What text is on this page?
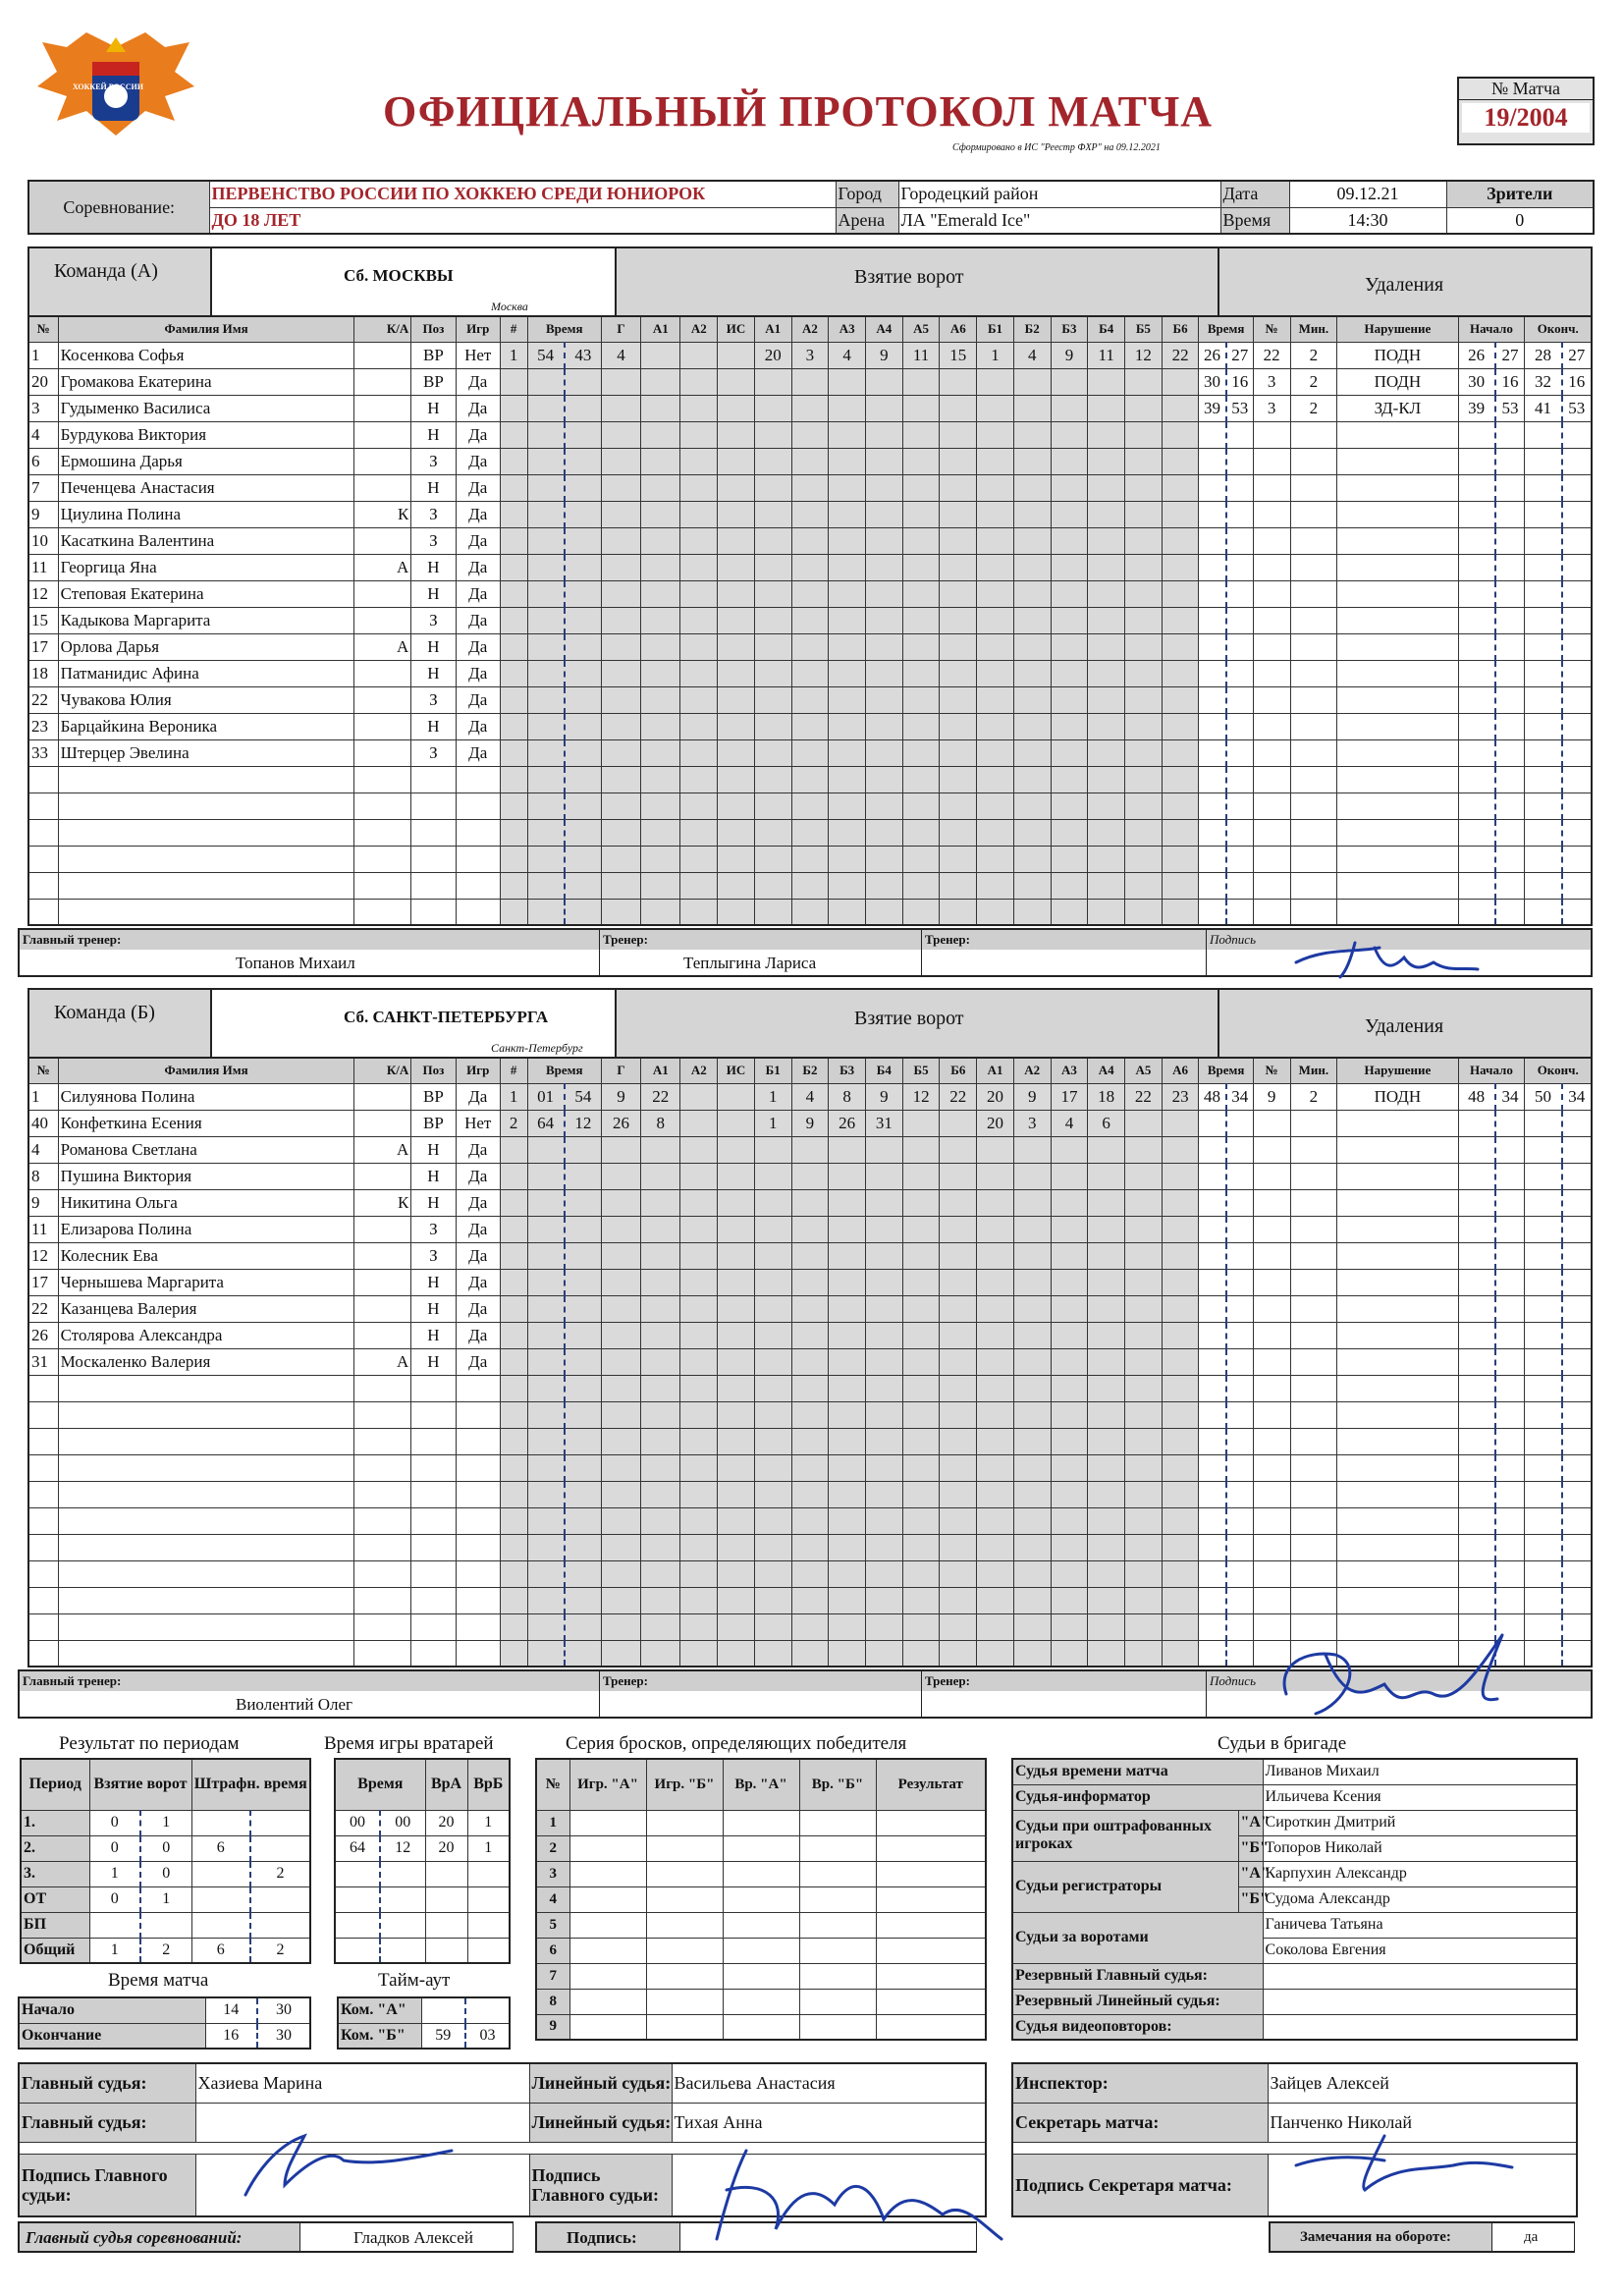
ХОККЕЙ РОССИИ
ОФИЦИАЛЬНЫЙ ПРОТОКОЛ МАТЧА
Сформировано в ИС "Реестр ФХР" на 09.12.2021
№ Матча
19/2004
Соревнование:	ПЕРВЕНСТВО РОССИИ ПО ХОККЕЮ СРЕДИ ЮНИОРОК	Город	Городецкий район	Дата	09.12.21	Зрители
	ДО 18 ЛЕТ	Арена	ЛА "Emerald Ice"	Время	14:30	0
Команда (А)	Сб. МОСКВЫ
Москва
Взятие ворот	Удаления
№	Фамилия Имя	К/А	Поз	Игр	#	Время		Г	А1	А2	ИС	А1	А2	А3	А4	А5	А6	Б1	Б2	Б3	Б4	Б5	Б6	Время		№	Мин.	Нарушение	Начало		Оконч.	
1	Косенкова Софья		ВР	Нет	1	54	43	4				20	3	4	9	11	15	1	4	9	11	12	22	26	27	22	2	ПОДН	26	27	28	27
20	Громакова Екатерина		ВР	Да																				30	16	3	2	ПОДН	30	16	32	16
3	Гудыменко Василиса		Н	Да																				39	53	3	2	ЗД-КЛ	39	53	41	53
4	Бурдукова Виктория		Н	Да																												
6	Ермошина Дарья		З	Да																												
7	Печенцева Анастасия		Н	Да																												
9	Циулина Полина	К	З	Да																												
10	Касаткина Валентина		З	Да																												
11	Георгица Яна	А	Н	Да																												
12	Степовая Екатерина		Н	Да																												
15	Кадыкова Маргарита		З	Да																												
17	Орлова Дарья	А	Н	Да																												
18	Патманидис Афина		Н	Да																												
22	Чувакова Юлия		З	Да																												
23	Барцайкина Вероника		Н	Да																												
33	Штерцер Эвелина		З	Да																												

Главный тренер:
Топанов Михаил
Тренер:
Теплыгина Лариса
Тренер:	Подпись
Команда (Б)	Сб. САНКТ-ПЕТЕРБУРГА
Санкт-Петербург
Взятие ворот	Удаления
№	Фамилия Имя	К/А	Поз	Игр	#	Время		Г	А1	А2	ИС	Б1	Б2	Б3	Б4	Б5	Б6	А1	А2	А3	А4	А5	А6	Время		№	Мин.	Нарушение	Начало		Оконч.	
1	Силуянова Полина		ВР	Да	1	01	54	9	22			1	4	8	9	12	22	20	9	17	18	22	23	48	34	9	2	ПОДН	48	34	50	34
40	Конфеткина Есения		ВР	Нет	2	64	12	26	8			1	9	26	31			20	3	4	6											
4	Романова Светлана	А	Н	Да																												
8	Пушина Виктория		Н	Да																												
9	Никитина Ольга	К	Н	Да																												
11	Елизарова Полина		З	Да																												
12	Колесник Ева		З	Да																												
17	Чернышева Маргарита		Н	Да																												
22	Казанцева Валерия		Н	Да																												
26	Столярова Александра		Н	Да																												
31	Москаленко Валерия	А	Н	Да																												

Главный тренер:
Виолентий Олег
Тренер:	Тренер:	Подпись
Результат по периодам
Период	Взятие ворот		Штрафн. время	
1.	0	1		
2.	0	0	6	
3.	1	0		2
ОТ	0	1		
БП				
Общий	1	2	6	2
Время игры вратарей
Время		ВрА	ВрБ
00	00	20	1
64	12	20	1

Время матча
Начало	14	30
Окончание	16	30
Тайм-аут
Ком. "А"		
Ком. "Б"	59	03
Серия бросков, определяющих победителя
№	Игр. "А"	Игр. "Б"	Вр. "А"	Вр. "Б"	Результат
1					
2					
3					
4					
5					
6					
7					
8					
9					
Судьи в бригаде
Судья времени матча		Ливанов Михаил
Судья-информатор		Ильичева Ксения
Судьи при оштрафованных игроках	"А"	Сироткин Дмитрий
	"Б"	Топоров Николай
Судьи регистраторы	"А"	Карпухин Александр
	"Б"	Судома Александр
Судьи за воротами		Ганичева Татьяна
		Соколова Евгения
Резервный Главный судья:		
Резервный Линейный судья:		
Судья видеоповторов:		
Главный судья:	Хазиева Марина	Линейный судья:	Васильева Анастасия
Главный судья:		Линейный судья:	Тихая Анна

Подпись Главного судьи:		Подпись Главного судьи:	
Инспектор:	Зайцев Алексей
Секретарь матча:	Панченко Николай

Подпись Секретаря матча:	
Главный судья соревнований:	Гладков Алексей	Подпись:	Замечания на обороте:	да
